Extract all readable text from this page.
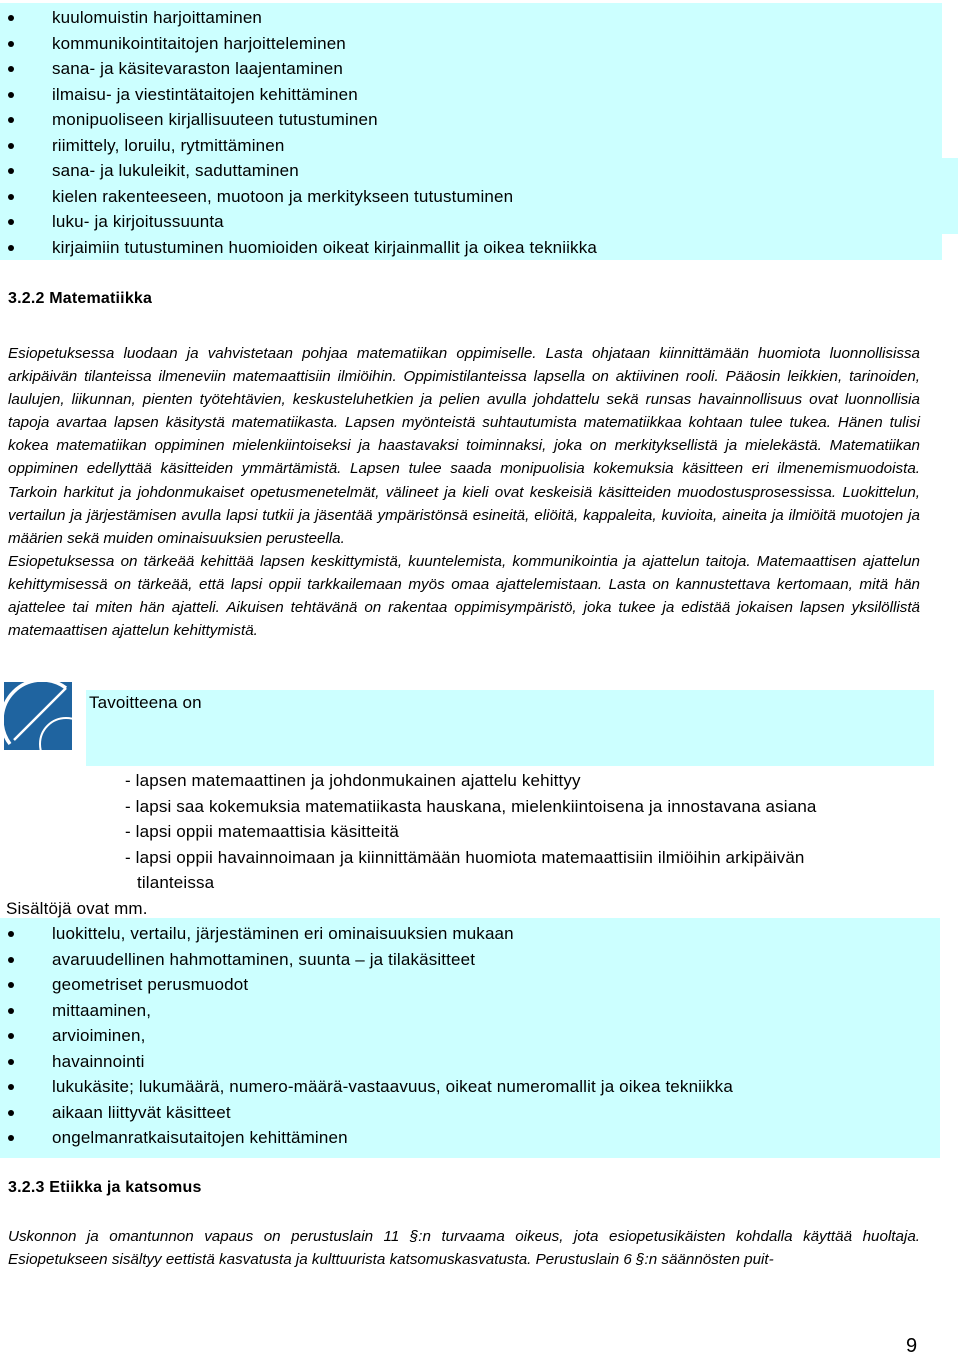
kuulomuistin harjoittaminen
kommunikointitaitojen harjoitteleminen
sana- ja käsitevaraston laajentaminen
ilmaisu- ja viestintätaitojen kehittäminen
monipuoliseen kirjallisuuteen tutustuminen
riimittely, loruilu, rytmittäminen
sana- ja lukuleikit, saduttaminen
kielen rakenteeseen, muotoon ja merkitykseen tutustuminen
luku- ja kirjoitussuunta
kirjaimiin tutustuminen huomioiden oikeat kirjainmallit ja oikea tekniikka
3.2.2 Matematiikka

Esiopetuksessa luodaan ja vahvistetaan pohjaa matematiikan oppimiselle. Lasta ohjataan kiinnittämään huomiota luonnollisissa arkipäivän tilanteissa ilmeneviin matemaattisiin ilmiöihin. Oppimistilanteissa lapsella on aktiivinen rooli. Pääosin leikkien, tarinoiden, laulujen, liikunnan, pienten työtehtävien, keskusteluhetkien ja pelien avulla johdattelu sekä runsas havainnollisuus ovat luonnollisia tapoja avartaa lapsen käsitystä matematiikasta. Lapsen myönteistä suhtautumista matematiikkaa kohtaan tulee tukea. Hänen tulisi kokea matematiikan oppiminen mielenkiintoiseksi ja haastavaksi toiminnaksi, joka on merkityksellistä ja mielekästä. Matematiikan oppiminen edellyttää käsitteiden ymmärtämistä. Lapsen tulee saada monipuolisia kokemuksia käsitteen eri ilmenemismuodoista. Tarkoin harkitut ja johdonmukaiset opetusmenetelmät, välineet ja kieli ovat keskeisiä käsitteiden muodostusprosessissa. Luokittelun, vertailun ja järjestämisen avulla lapsi tutkii ja jäsentää ympäristönsä esineitä, eliöitä, kappaleita, kuvioita, aineita ja ilmiöitä muotojen ja määrien sekä muiden ominaisuuksien perusteella.

Esiopetuksessa on tärkeää kehittää lapsen keskittymistä, kuuntelemista, kommunikointia ja ajattelun taitoja. Matemaattisen ajattelun kehittymisessä on tärkeää, että lapsi oppii tarkkailemaan myös omaa ajattelemistaan. Lasta on kannustettava kertomaan, mitä hän ajattelee tai miten hän ajatteli. Aikuisen tehtävänä on rakentaa oppimisympäristö, joka tukee ja edistää jokaisen lapsen yksilöllistä matemaattisen ajattelun kehittymistä.

Tavoitteena on
- lapsen matemaattinen ja johdonmukainen ajattelu kehittyy
- lapsi saa kokemuksia matematiikasta hauskana, mielenkiintoisena ja innostavana asiana
- lapsi oppii matemaattisia käsitteitä
- lapsi oppii havainnoimaan ja kiinnittämään huomiota matemaattisiin ilmiöihin arkipäivän
tilanteissa
Sisältöjä ovat mm.
luokittelu, vertailu, järjestäminen eri ominaisuuksien mukaan
avaruudellinen hahmottaminen, suunta – ja tilakäsitteet
geometriset perusmuodot
mittaaminen,
arvioiminen,
havainnointi
lukukäsite; lukumäärä, numero-määrä-vastaavuus, oikeat numeromallit ja oikea tekniikka
aikaan liittyvät käsitteet
ongelmanratkaisutaitojen kehittäminen
3.2.3 Etiikka ja katsomus

Uskonnon ja omantunnon vapaus on perustuslain 11 §:n turvaama oikeus, jota esiopetusikäisten kohdalla käyttää huoltaja. Esiopetukseen sisältyy eettistä kasvatusta ja kulttuurista katsomuskasvatusta. Perustuslain 6 §:n säännösten puit-

9
